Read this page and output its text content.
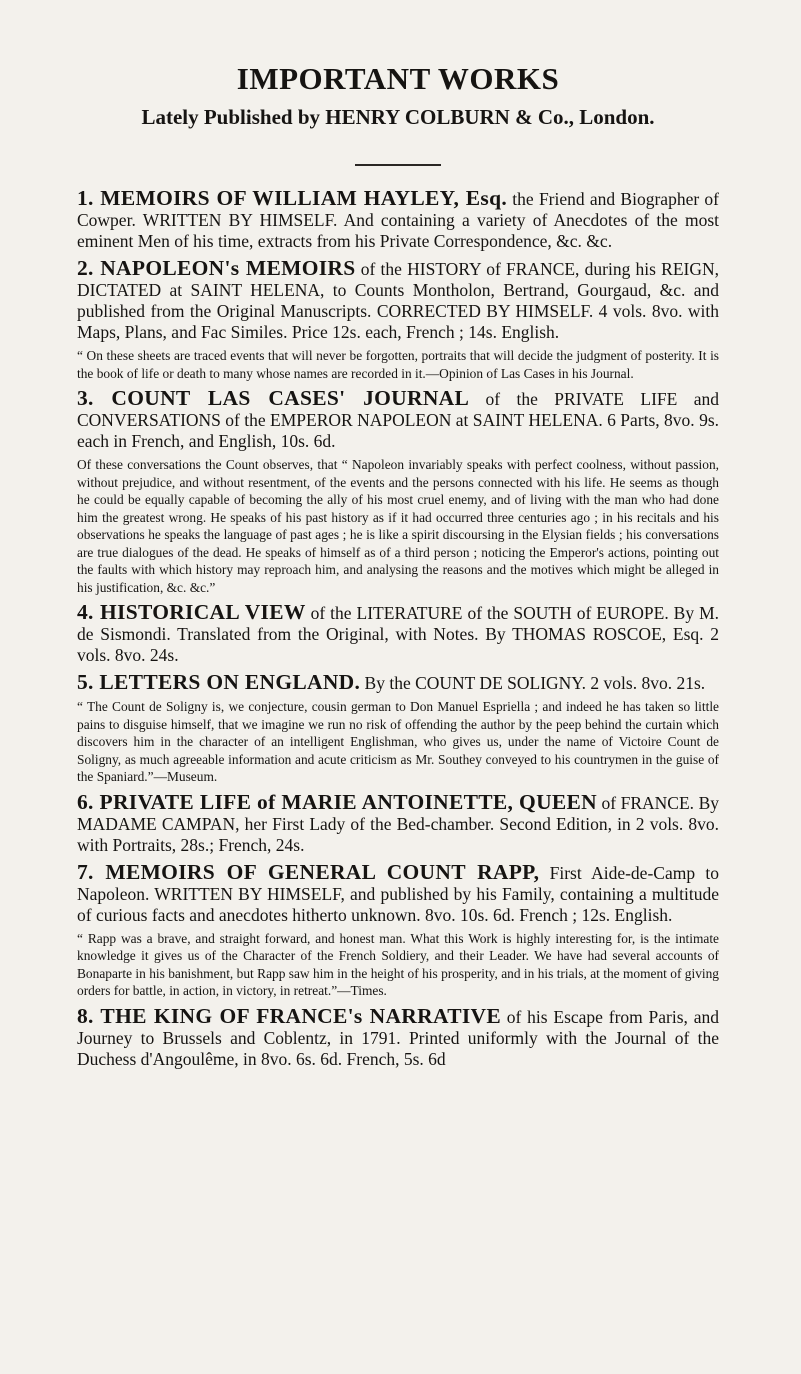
IMPORTANT WORKS

Lately Published by HENRY COLBURN & Co., London.

1. MEMOIRS OF WILLIAM HAYLEY, Esq. the Friend and Biographer of Cowper. WRITTEN BY HIMSELF. And containing a variety of Anecdotes of the most eminent Men of his time, extracts from his Private Correspondence, &c. &c.

2. NAPOLEON's MEMOIRS of the HISTORY of FRANCE, during his REIGN, DICTATED at SAINT HELENA, to Counts Montholon, Bertrand, Gourgaud, &c. and published from the Original Manuscripts. CORRECTED BY HIMSELF. 4 vols. 8vo. with Maps, Plans, and Fac Similes. Price 12s. each, French ; 14s. English.

“ On these sheets are traced events that will never be forgotten, portraits that will decide the judgment of posterity. It is the book of life or death to many whose names are recorded in it.—Opinion of Las Cases in his Journal.

3. COUNT LAS CASES' JOURNAL of the PRIVATE LIFE and CONVERSATIONS of the EMPEROR NAPOLEON at SAINT HELENA. 6 Parts, 8vo. 9s. each in French, and English, 10s. 6d.

Of these conversations the Count observes, that “ Napoleon invariably speaks with perfect coolness, without passion, without prejudice, and without resentment, of the events and the persons connected with his life. He seems as though he could be equally capable of becoming the ally of his most cruel enemy, and of living with the man who had done him the greatest wrong. He speaks of his past history as if it had occurred three centuries ago ; in his recitals and his observations he speaks the language of past ages ; he is like a spirit discoursing in the Elysian fields ; his conversations are true dialogues of the dead. He speaks of himself as of a third person ; noticing the Emperor's actions, pointing out the faults with which history may reproach him, and analysing the reasons and the motives which might be alleged in his justification, &c. &c.”

4. HISTORICAL VIEW of the LITERATURE of the SOUTH of EUROPE. By M. de Sismondi. Translated from the Original, with Notes. By THOMAS ROSCOE, Esq. 2 vols. 8vo. 24s.

5. LETTERS ON ENGLAND. By the COUNT DE SOLIGNY. 2 vols. 8vo. 21s.

“ The Count de Soligny is, we conjecture, cousin german to Don Manuel Espriella ; and indeed he has taken so little pains to disguise himself, that we imagine we run no risk of offending the author by the peep behind the curtain which discovers him in the character of an intelligent Englishman, who gives us, under the name of Victoire Count de Soligny, as much agreeable information and acute criticism as Mr. Southey conveyed to his countrymen in the guise of the Spaniard.”—Museum.

6. PRIVATE LIFE of MARIE ANTOINETTE, QUEEN of FRANCE. By MADAME CAMPAN, her First Lady of the Bed-chamber. Second Edition, in 2 vols. 8vo. with Portraits, 28s.; French, 24s.

7. MEMOIRS OF GENERAL COUNT RAPP, First Aide-de-Camp to Napoleon. WRITTEN BY HIMSELF, and published by his Family, containing a multitude of curious facts and anecdotes hitherto unknown. 8vo. 10s. 6d. French ; 12s. English.

“ Rapp was a brave, and straight forward, and honest man. What this Work is highly interesting for, is the intimate knowledge it gives us of the Character of the French Soldiery, and their Leader. We have had several accounts of Bonaparte in his banishment, but Rapp saw him in the height of his prosperity, and in his trials, at the moment of giving orders for battle, in action, in victory, in retreat.”—Times.

8. THE KING OF FRANCE's NARRATIVE of his Escape from Paris, and Journey to Brussels and Coblentz, in 1791. Printed uniformly with the Journal of the Duchess d'Angoulême, in 8vo. 6s. 6d. French, 5s. 6d
